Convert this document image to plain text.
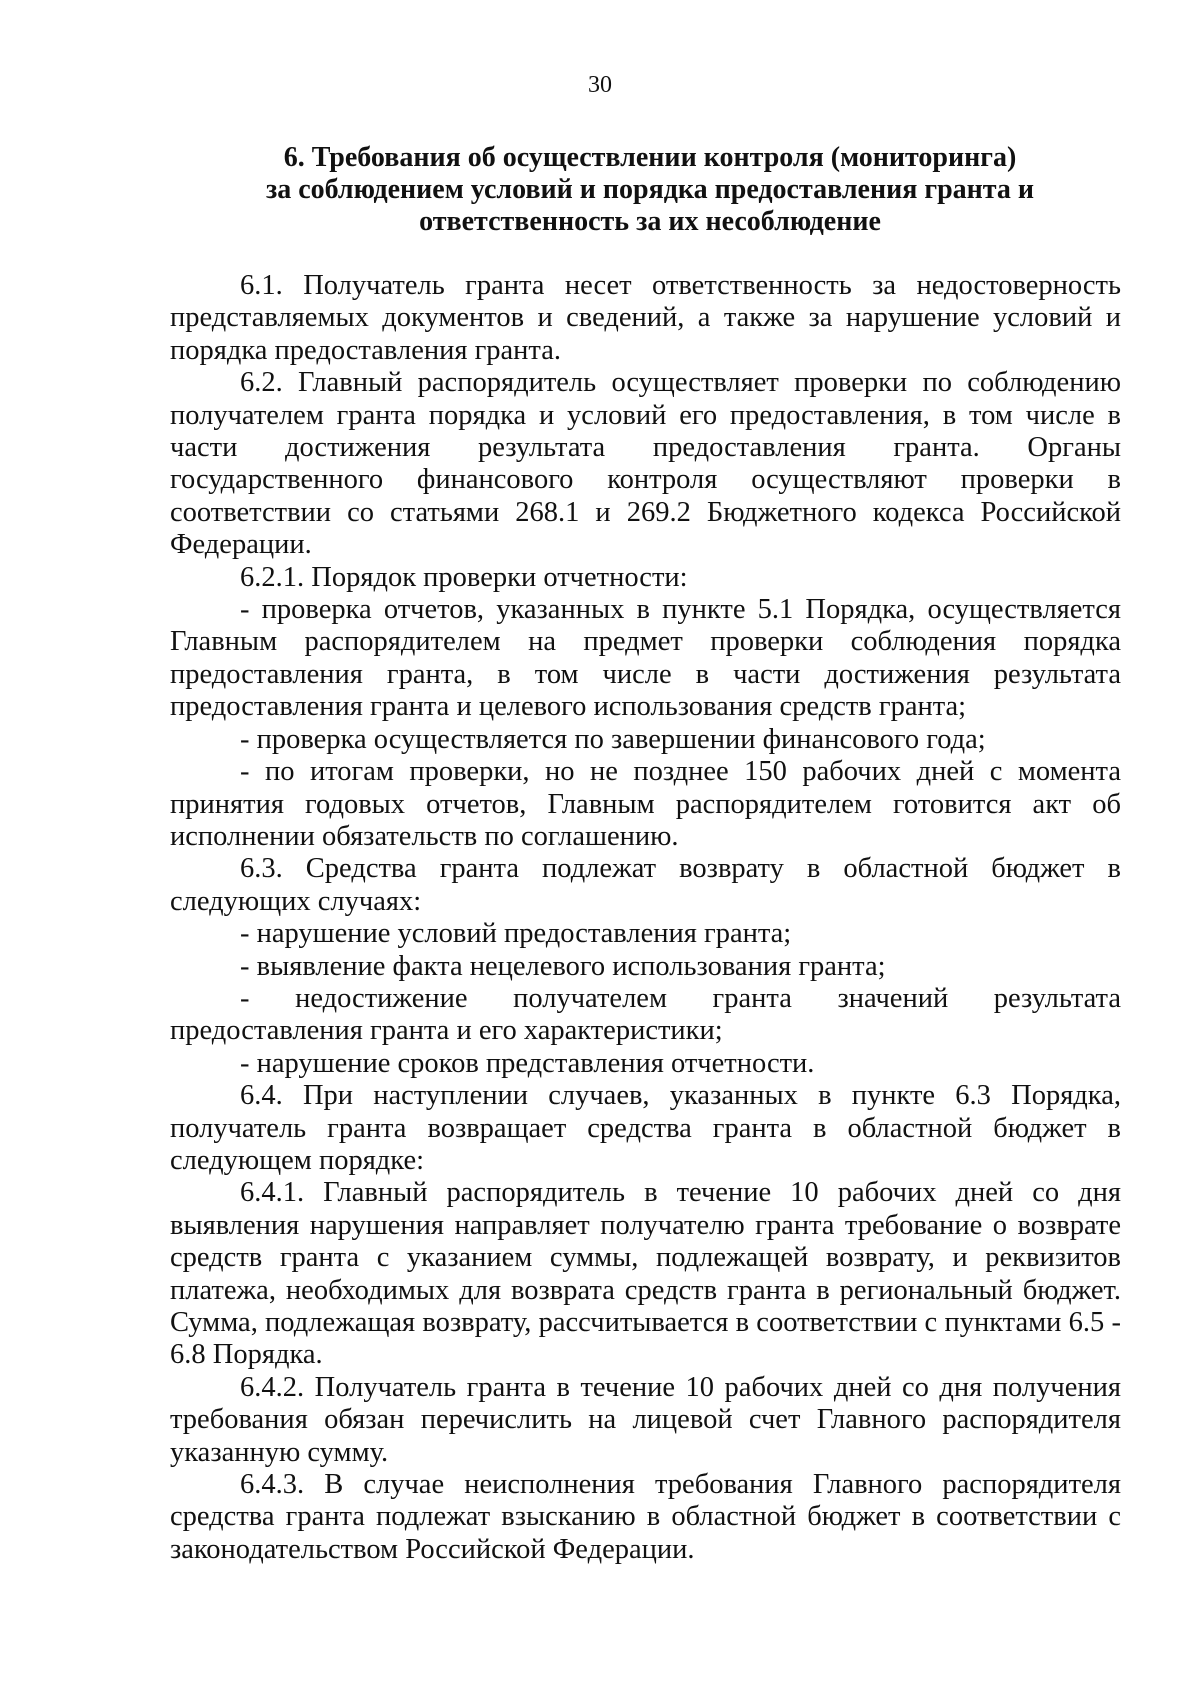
30
6. Требования об осуществлении контроля (мониторинга)
за соблюдением условий и порядка предоставления гранта и
ответственность за их несоблюдение

6.1. Получатель гранта несет ответственность за недостоверность представляемых документов и сведений, а также за нарушение условий и порядка предоставления гранта.

6.2. Главный распорядитель осуществляет проверки по соблюдению получателем гранта порядка и условий его предоставления, в том числе в части достижения результата предоставления гранта. Органы государственного финансового контроля осуществляют проверки в соответствии со статьями 268.1 и 269.2 Бюджетного кодекса Российской Федерации.

6.2.1. Порядок проверки отчетности:

- проверка отчетов, указанных в пункте 5.1 Порядка, осуществляется Главным распорядителем на предмет проверки соблюдения порядка предоставления гранта, в том числе в части достижения результата предоставления гранта и целевого использования средств гранта;

- проверка осуществляется по завершении финансового года;

- по итогам проверки, но не позднее 150 рабочих дней с момента принятия годовых отчетов, Главным распорядителем готовится акт об исполнении обязательств по соглашению.

6.3. Средства гранта подлежат возврату в областной бюджет в следующих случаях:

- нарушение условий предоставления гранта;

- выявление факта нецелевого использования гранта;

- недостижение получателем гранта значений результата предоставления гранта и его характеристики;

- нарушение сроков представления отчетности.

6.4. При наступлении случаев, указанных в пункте 6.3 Порядка, получатель гранта возвращает средства гранта в областной бюджет в следующем порядке:

6.4.1. Главный распорядитель в течение 10 рабочих дней со дня выявления нарушения направляет получателю гранта требование о возврате средств гранта с указанием суммы, подлежащей возврату, и реквизитов платежа, необходимых для возврата средств гранта в региональный бюджет. Сумма, подлежащая возврату, рассчитывается в соответствии с пунктами 6.5 - 6.8 Порядка.

6.4.2. Получатель гранта в течение 10 рабочих дней со дня получения требования обязан перечислить на лицевой счет Главного распорядителя указанную сумму.

6.4.3. В случае неисполнения требования Главного распорядителя средства гранта подлежат взысканию в областной бюджет в соответствии с законодательством Российской Федерации.
